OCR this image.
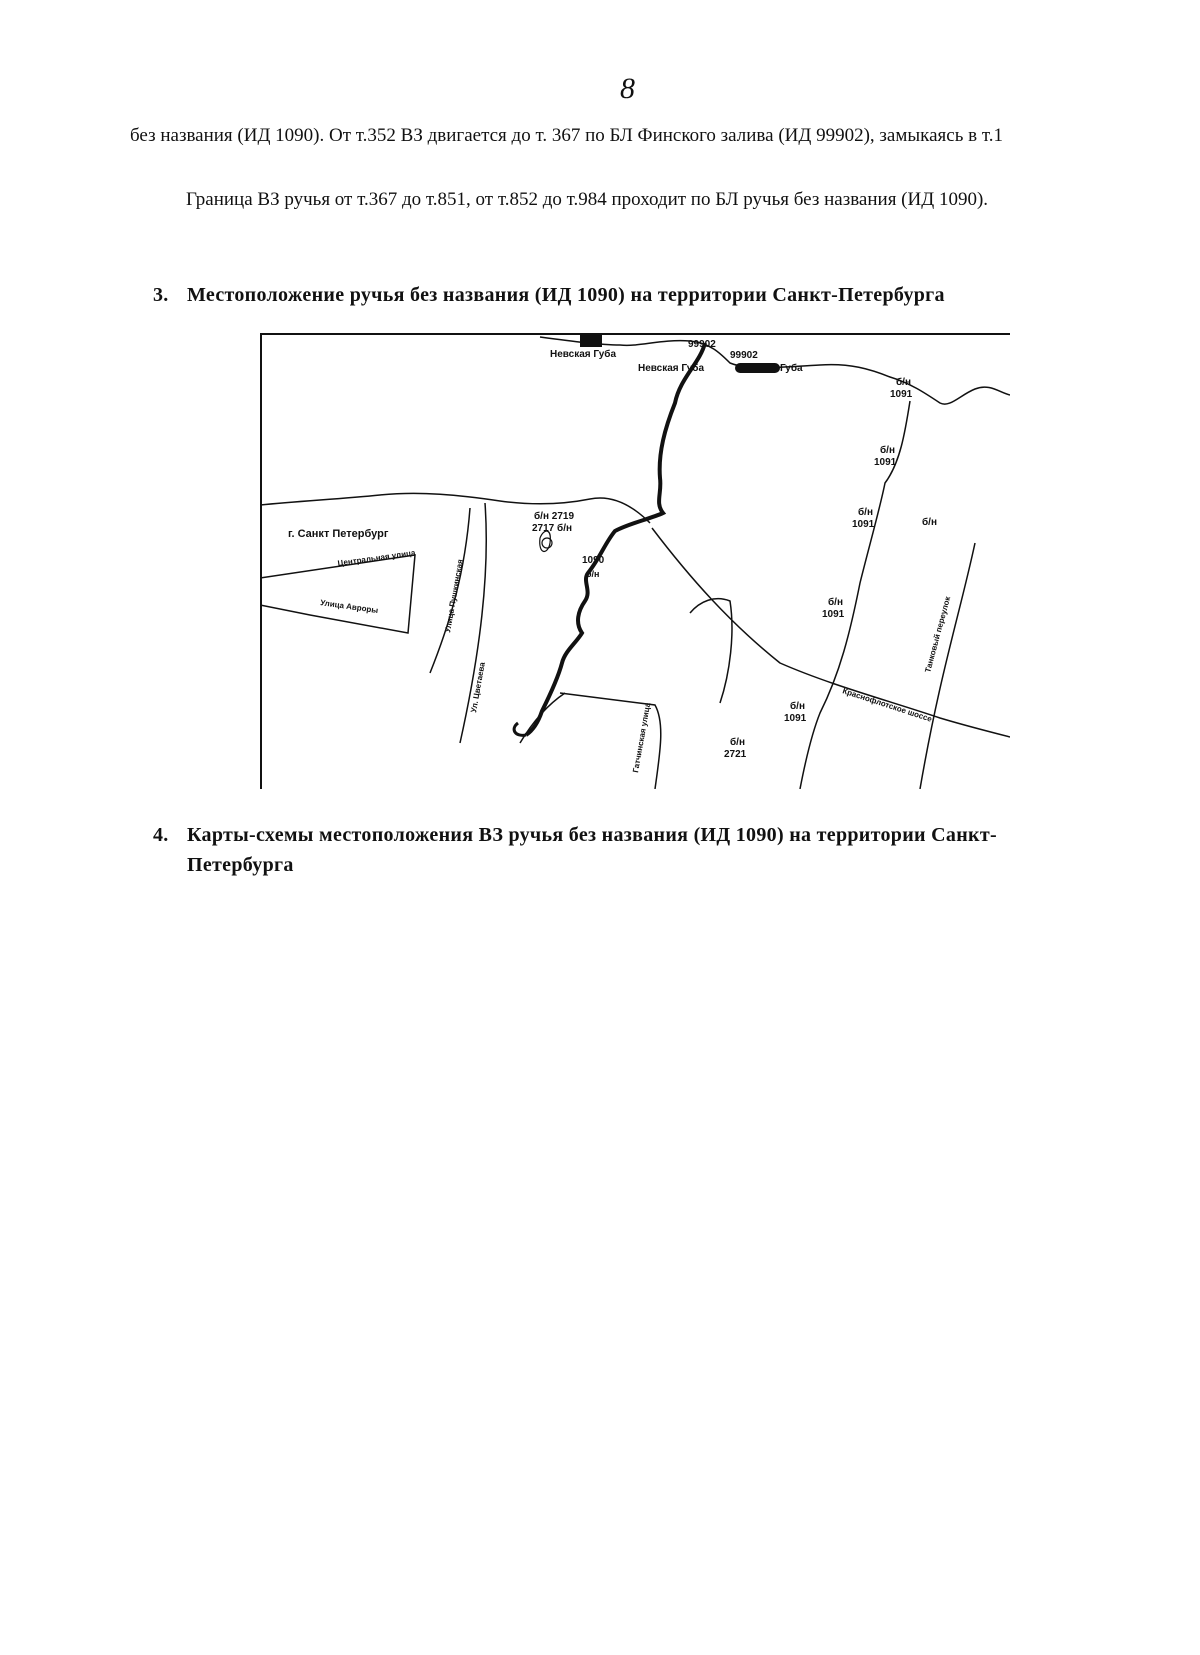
8
без названия (ИД 1090). От т.352 ВЗ двигается до т. 367 по БЛ Финского залива (ИД 99902), замыкаясь в т.1
Граница ВЗ ручья от т.367 до т.851, от т.852 до т.984 проходит по БЛ ручья без названия (ИД 1090).
3. Местоположение ручья без названия (ИД 1090) на территории Санкт-Петербурга
Невская Губа
Невская Губа	Губа
99902
99902
г. Санкт Петербург
Центральная улица
Улица Авроры	Улица Пушкинская
Ул. Цветаева
Гатчинская улица	Краснофлотское шоссе
Танковый переулок
б/н 2719
2717 б/н
1090
б/н
б/н
1091
б/н
1091
б/н
1091
б/н
1091
б/н
1091
б/н
2721
б/н
4. Карты-схемы местоположения ВЗ ручья без названия (ИД 1090) на территории Санкт-
Петербурга
